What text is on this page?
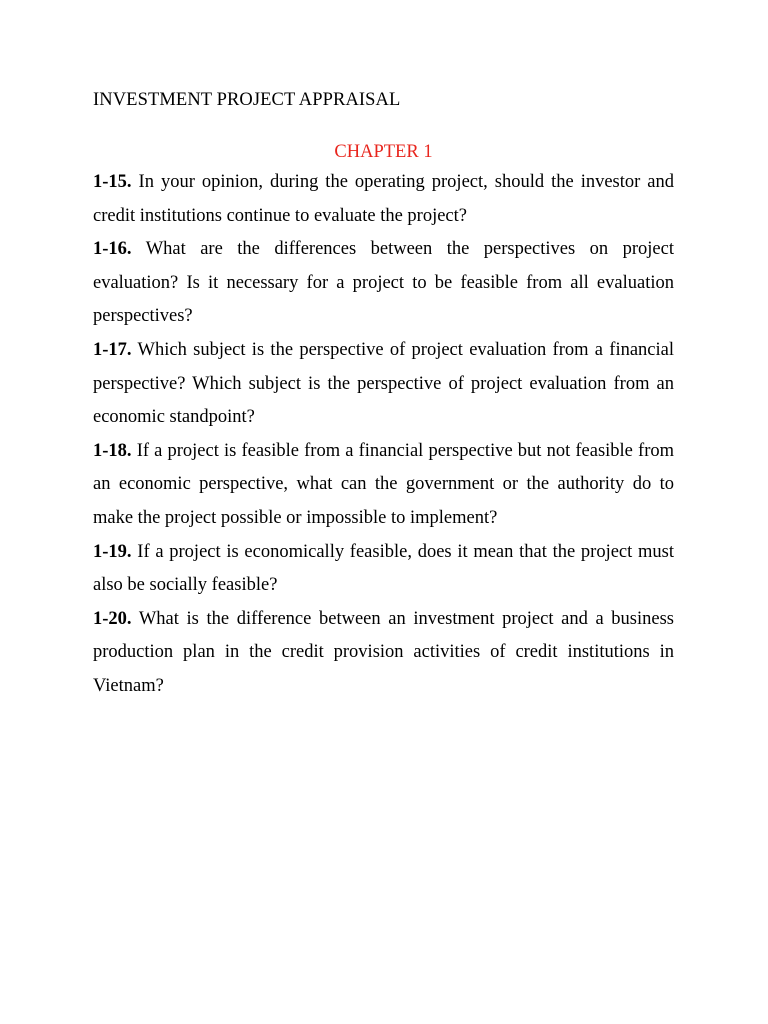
INVESTMENT PROJECT APPRAISAL
CHAPTER 1

1-15. In your opinion, during the operating project, should the investor and credit institutions continue to evaluate the project?

1-16. What are the differences between the perspectives on project evaluation? Is it necessary for a project to be feasible from all evaluation perspectives?

1-17. Which subject is the perspective of project evaluation from a financial perspective? Which subject is the perspective of project evaluation from an economic standpoint?

1-18. If a project is feasible from a financial perspective but not feasible from an economic perspective, what can the government or the authority do to make the project possible or impossible to implement?

1-19. If a project is economically feasible, does it mean that the project must also be socially feasible?

1-20. What is the difference between an investment project and a business production plan in the credit provision activities of credit institutions in Vietnam?
